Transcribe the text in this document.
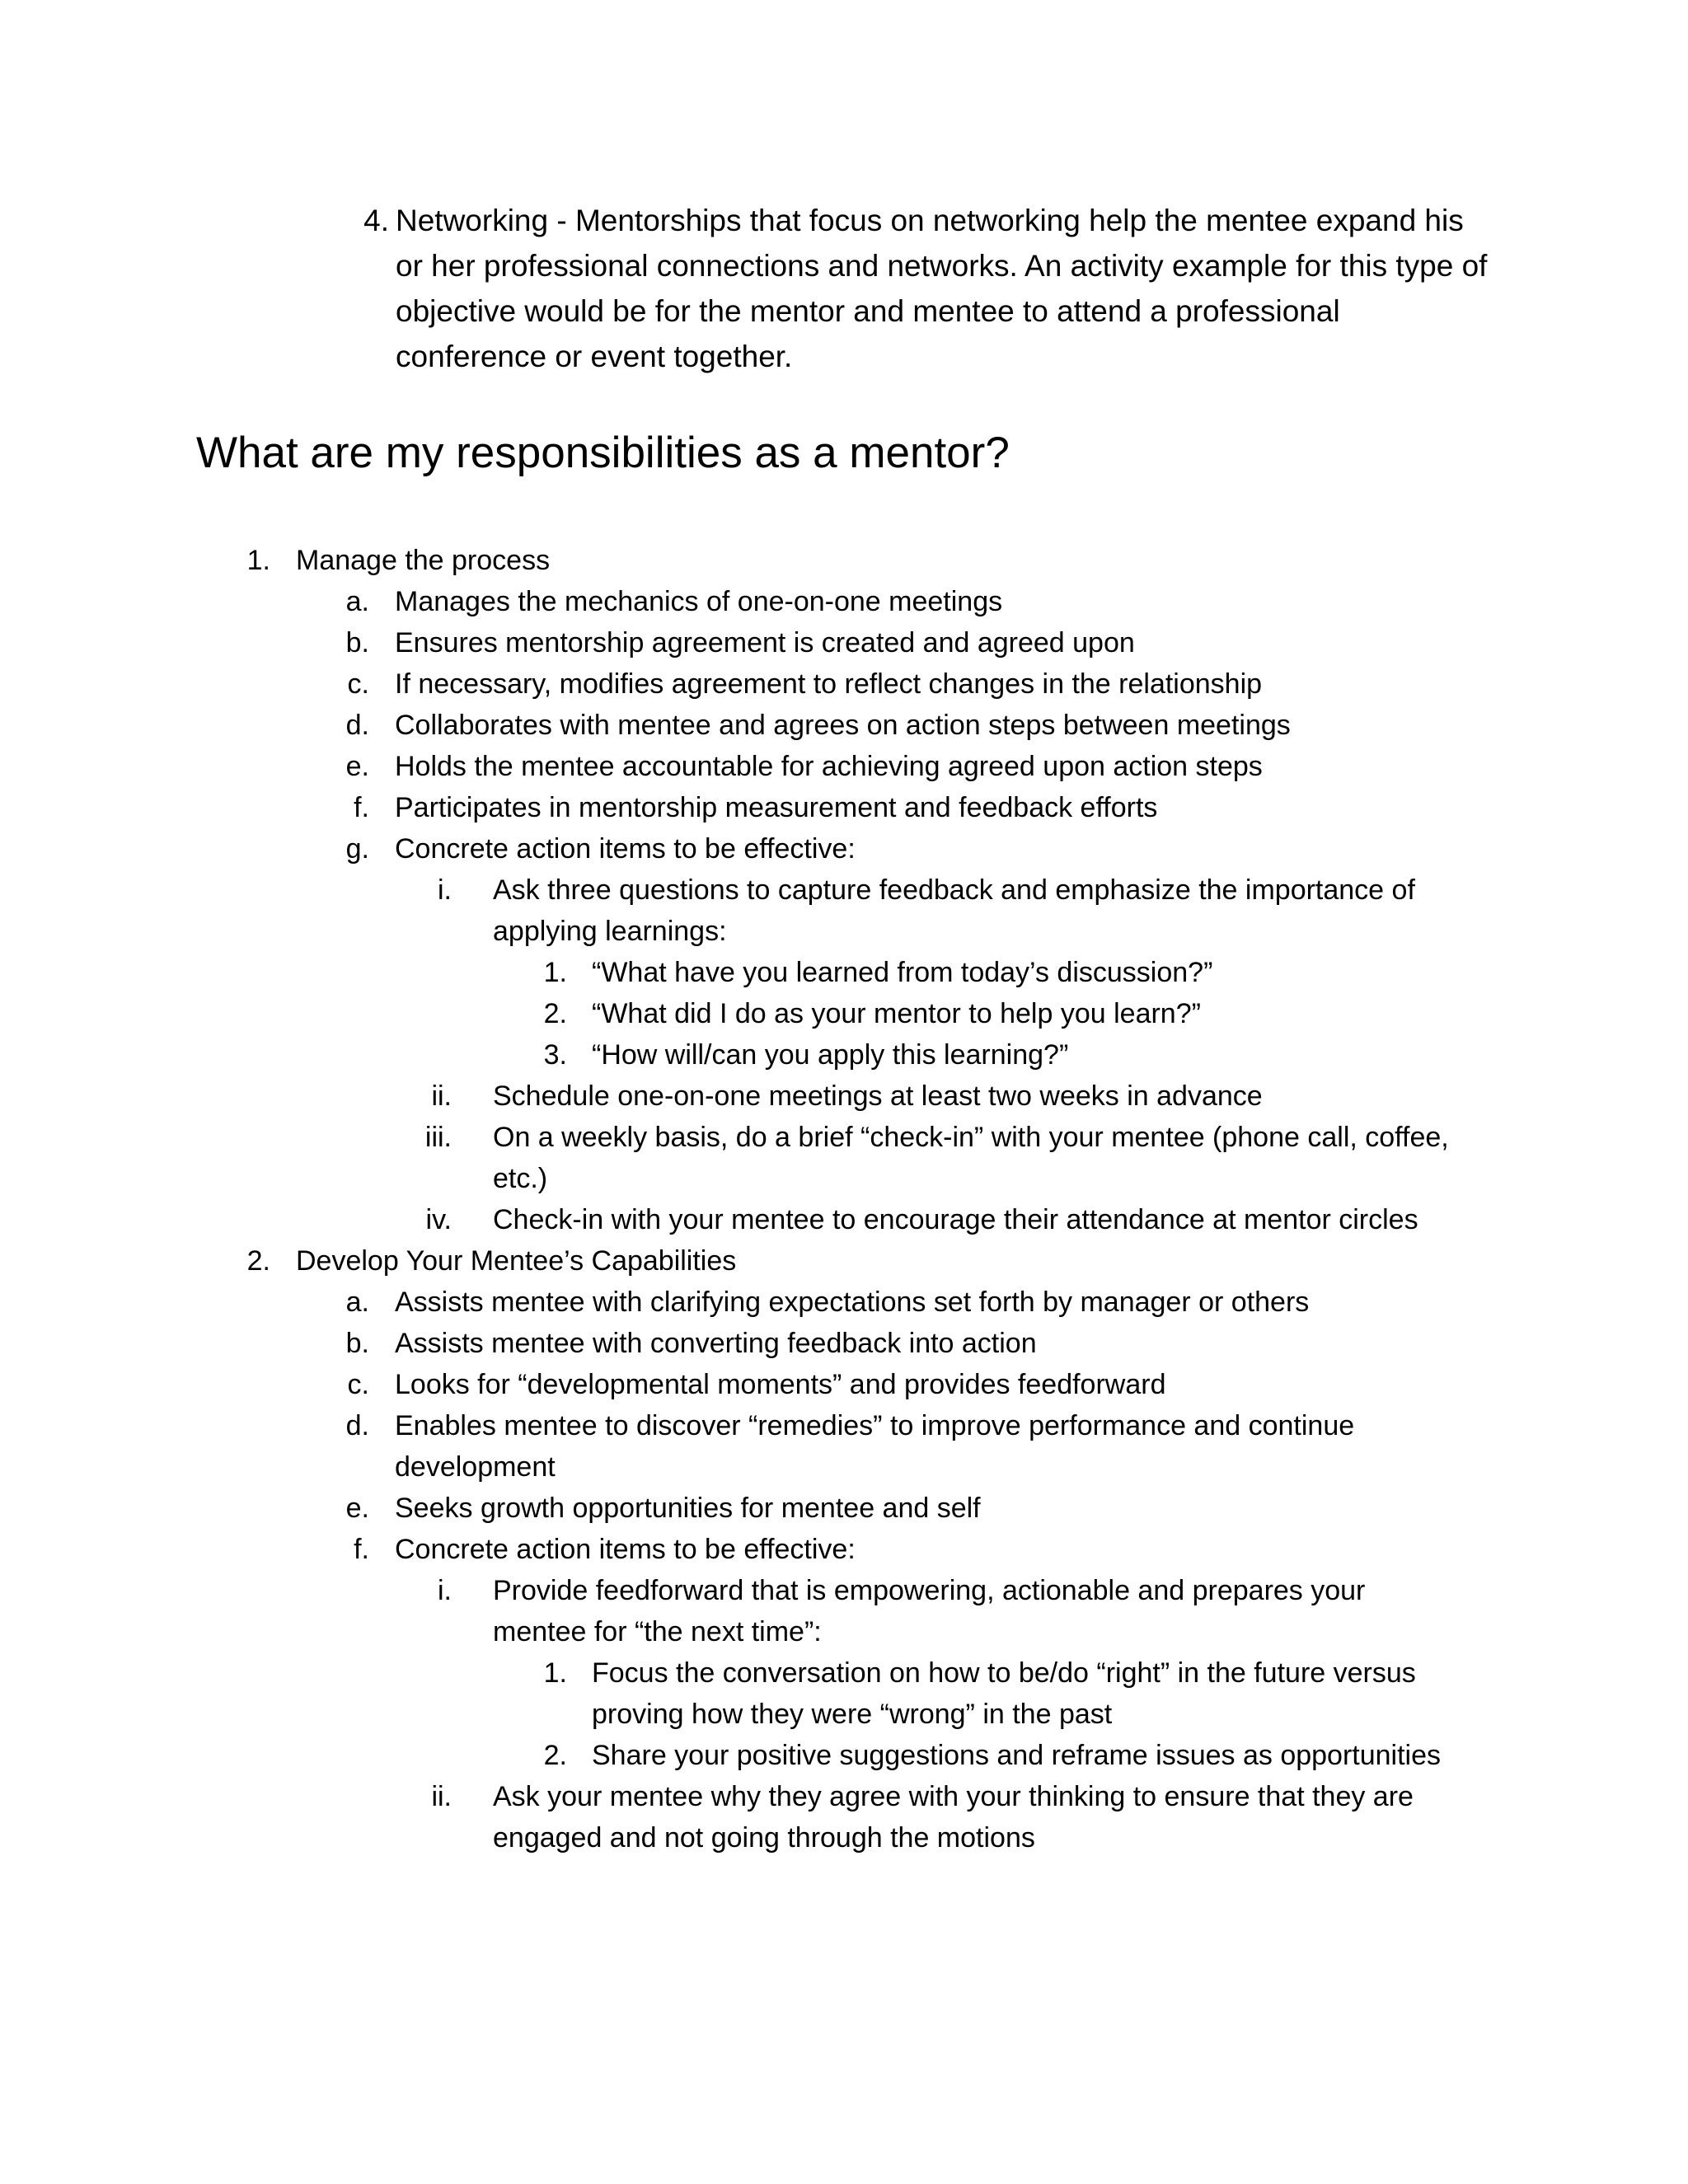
4. Networking - Mentorships that focus on networking help the mentee expand his or her professional connections and networks. An activity example for this type of objective would be for the mentor and mentee to attend a professional conference or event together.
What are my responsibilities as a mentor?
1. Manage the process
a. Manages the mechanics of one-on-one meetings
b. Ensures mentorship agreement is created and agreed upon
c. If necessary, modifies agreement to reflect changes in the relationship
d. Collaborates with mentee and agrees on action steps between meetings
e. Holds the mentee accountable for achieving agreed upon action steps
f. Participates in mentorship measurement and feedback efforts
g. Concrete action items to be effective:
i. Ask three questions to capture feedback and emphasize the importance of applying learnings:
1. “What have you learned from today’s discussion?”
2. “What did I do as your mentor to help you learn?”
3. “How will/can you apply this learning?”
ii. Schedule one-on-one meetings at least two weeks in advance
iii. On a weekly basis, do a brief “check-in” with your mentee (phone call, coffee, etc.)
iv. Check-in with your mentee to encourage their attendance at mentor circles
2. Develop Your Mentee’s Capabilities
a. Assists mentee with clarifying expectations set forth by manager or others
b. Assists mentee with converting feedback into action
c. Looks for “developmental moments” and provides feedforward
d. Enables mentee to discover “remedies” to improve performance and continue development
e. Seeks growth opportunities for mentee and self
f. Concrete action items to be effective:
i. Provide feedforward that is empowering, actionable and prepares your mentee for “the next time”:
1. Focus the conversation on how to be/do “right” in the future versus proving how they were “wrong” in the past
2. Share your positive suggestions and reframe issues as opportunities
ii. Ask your mentee why they agree with your thinking to ensure that they are engaged and not going through the motions
